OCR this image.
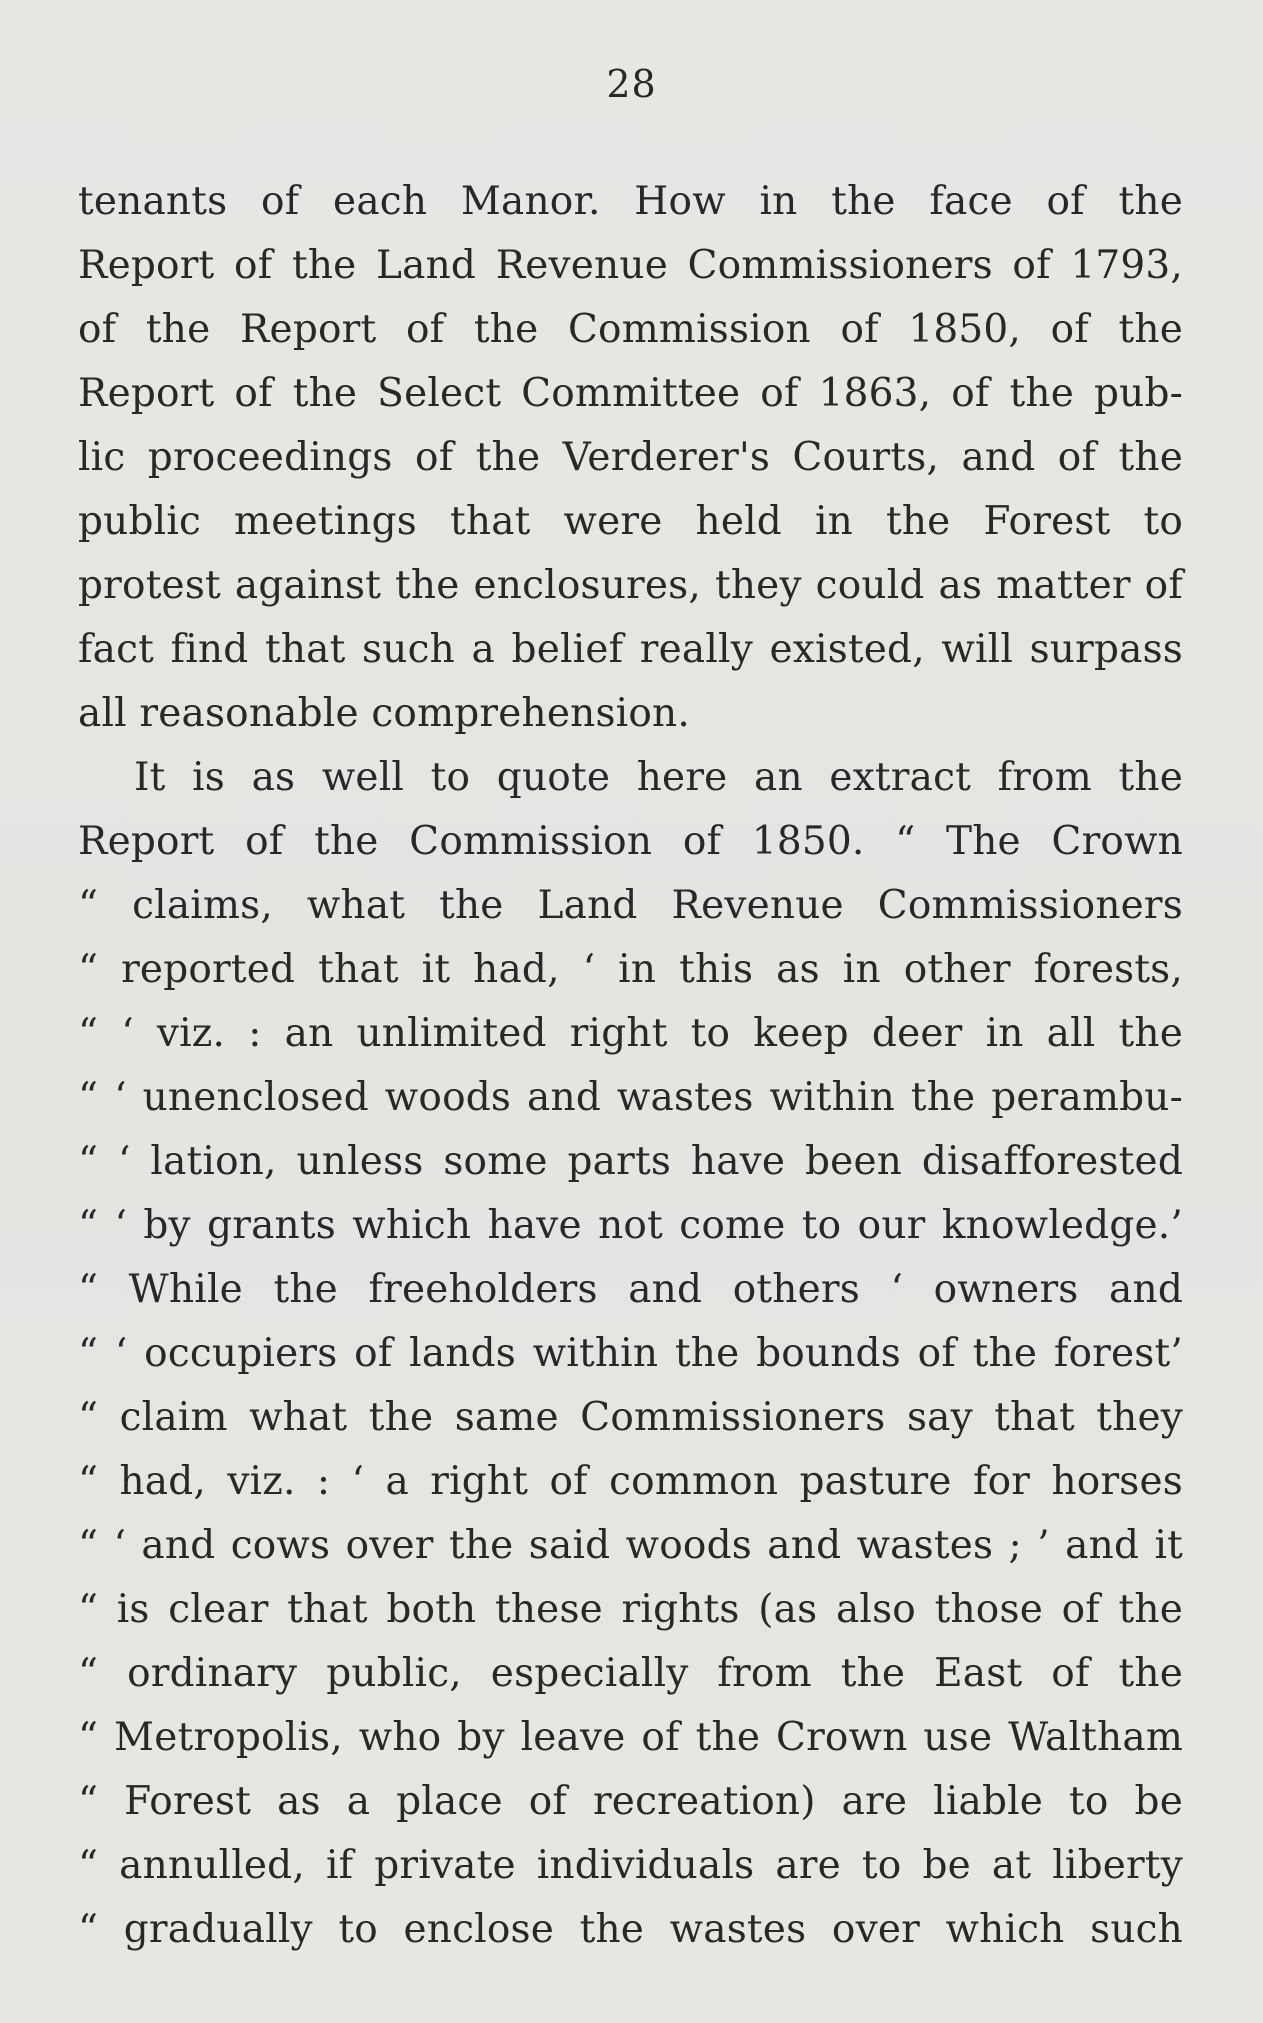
28
tenants of each Manor. How in the face of the
Report of the Land Revenue Commissioners of 1793,
of the Report of the Commission of 1850, of the
Report of the Select Committee of 1863, of the pub-
lic proceedings of the Verderer's Courts, and of the
public meetings that were held in the Forest to
protest against the enclosures, they could as matter of
fact find that such a belief really existed, will surpass
all reasonable comprehension.
It is as well to quote here an extract from the
Report of the Commission of 1850. “ The Crown
“ claims, what the Land Revenue Commissioners
“ reported that it had, ‘ in this as in other forests,
“ ‘ viz. : an unlimited right to keep deer in all the
“ ‘ unenclosed woods and wastes within the perambu-
“ ‘ lation, unless some parts have been disafforested
“ ‘ by grants which have not come to our knowledge.’
“ While the freeholders and others ‘ owners and
“ ‘ occupiers of lands within the bounds of the forest’
“ claim what the same Commissioners say that they
“ had, viz. : ‘ a right of common pasture for horses
“ ‘ and cows over the said woods and wastes ; ’ and it
“ is clear that both these rights (as also those of the
“ ordinary public, especially from the East of the
“ Metropolis, who by leave of the Crown use Waltham
“ Forest as a place of recreation) are liable to be
“ annulled, if private individuals are to be at liberty
“ gradually to enclose the wastes over which such
